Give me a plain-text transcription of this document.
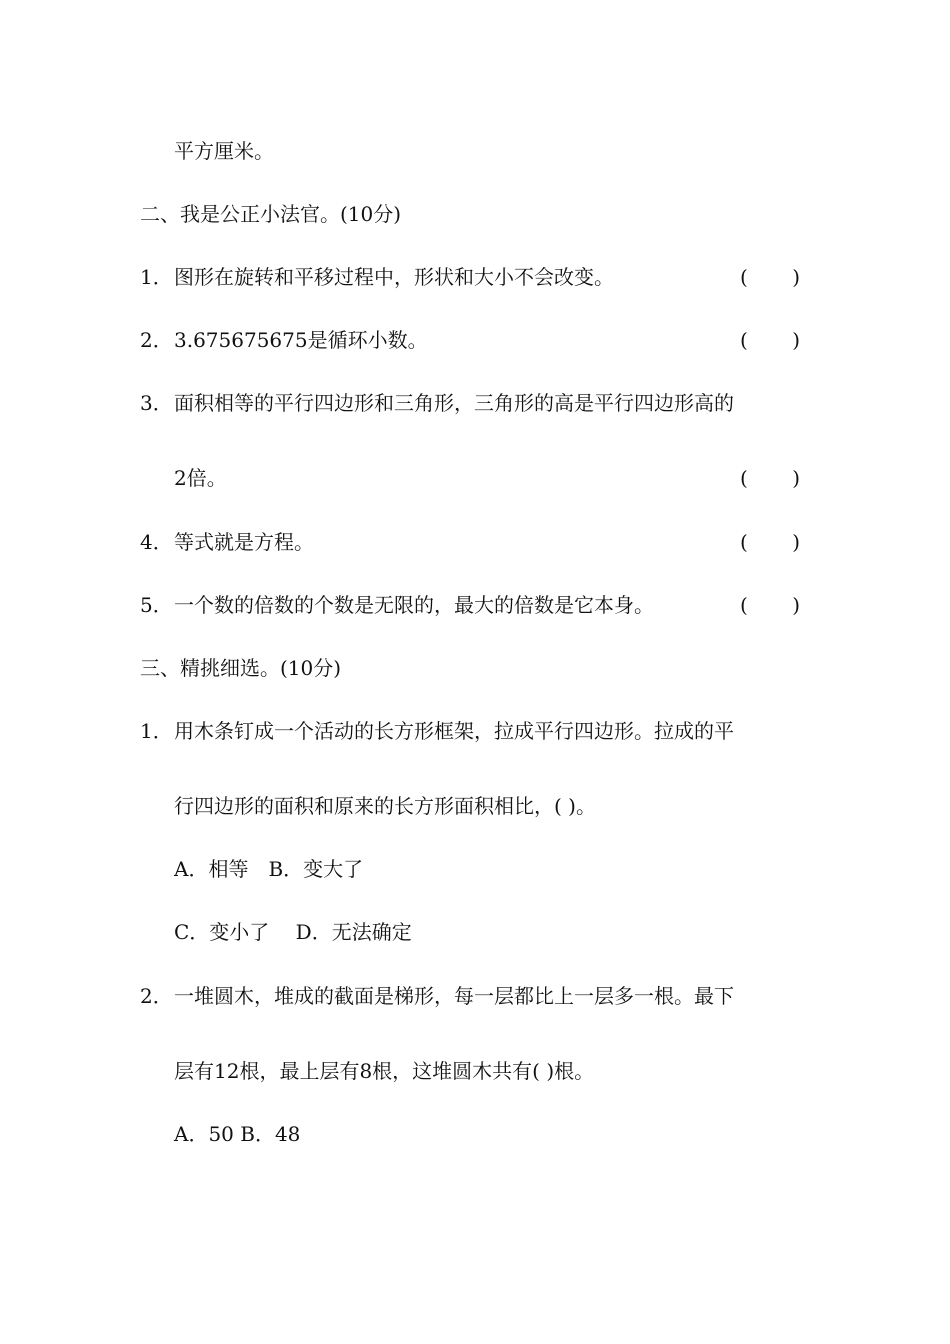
平方厘米。
二、我是公正小法官。(10分)
1．图形在旋转和平移过程中，形状和大小不会改变。	(       )
2．3.675675675是循环小数。	(       )
3．面积相等的平行四边形和三角形，三角形的高是平行四边形高的
2倍。	(       )
4．等式就是方程。	(       )
5．一个数的倍数的个数是无限的，最大的倍数是它本身。	(       )
三、精挑细选。(10分)
1．用木条钉成一个活动的长方形框架，拉成平行四边形。拉成的平
行四边形的面积和原来的长方形面积相比，( )。
A．相等　B．变大了
C．变小了　 D．无法确定
2．一堆圆木，堆成的截面是梯形，每一层都比上一层多一根。最下
层有12根，最上层有8根，这堆圆木共有( )根。
A．50 B．48
